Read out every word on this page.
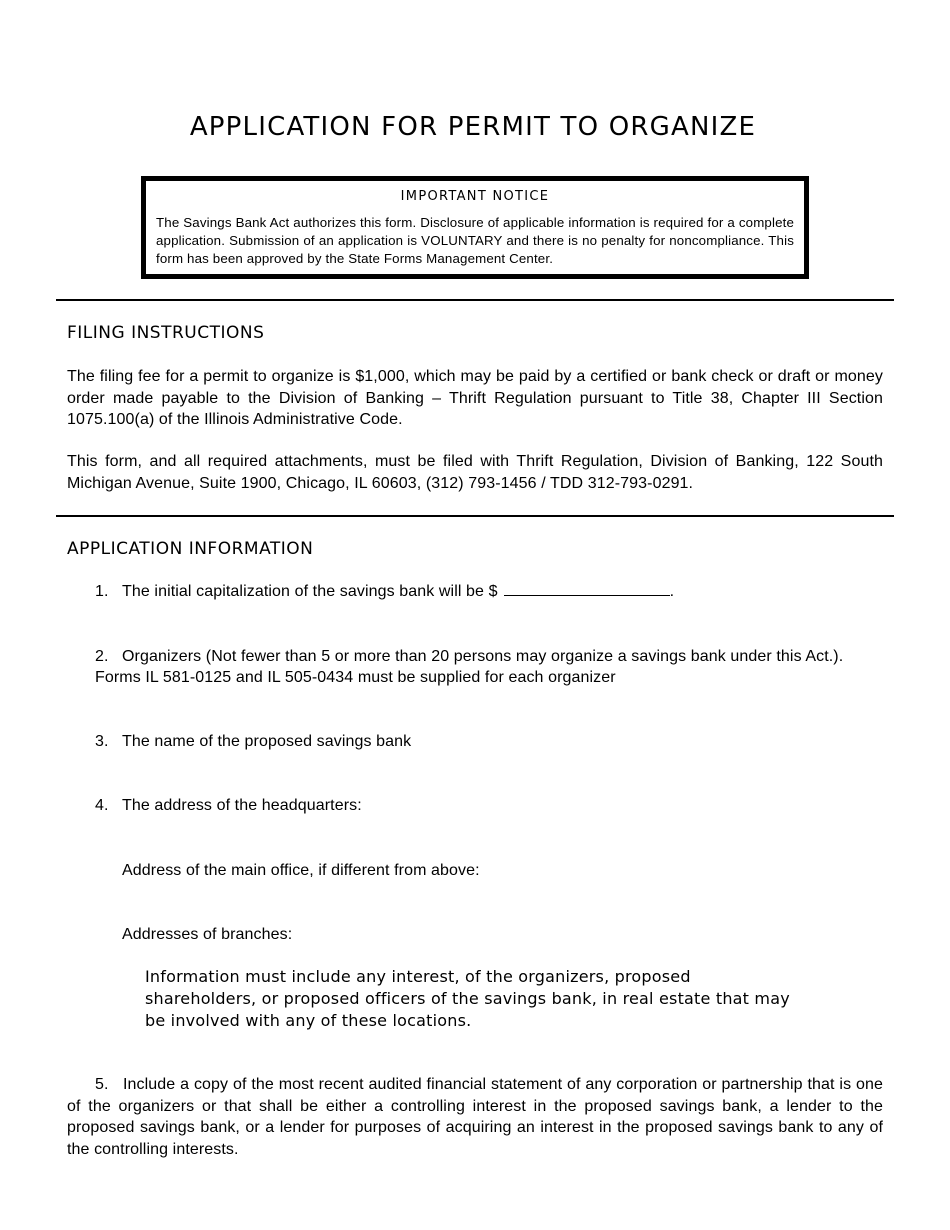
APPLICATION FOR PERMIT TO ORGANIZE
IMPORTANT NOTICE
The Savings Bank Act authorizes this form. Disclosure of applicable information is required for a complete application. Submission of an application is VOLUNTARY and there is no penalty for noncompliance. This form has been approved by the State Forms Management Center.
FILING INSTRUCTIONS
The filing fee for a permit to organize is $1,000, which may be paid by a certified or bank check or draft or money order made payable to the Division of Banking – Thrift Regulation pursuant to Title 38, Chapter III Section 1075.100(a) of the Illinois Administrative Code.
This form, and all required attachments, must be filed with Thrift Regulation, Division of Banking, 122 South Michigan Avenue, Suite 1900, Chicago, IL 60603, (312) 793-1456 / TDD 312-793-0291.
APPLICATION INFORMATION
1. The initial capitalization of the savings bank will be $	.
2. Organizers (Not fewer than 5 or more than 20 persons may organize a savings bank under this Act.).
Forms IL 581-0125 and IL 505-0434 must be supplied for each organizer
3. The name of the proposed savings bank
4. The address of the headquarters:
Address of the main office, if different from above:
Addresses of branches:
Information must include any interest, of the organizers, proposed shareholders, or proposed officers of the savings bank, in real estate that may be involved with any of these locations.
5. Include a copy of the most recent audited financial statement of any corporation or partnership that is one of the organizers or that shall be either a controlling interest in the proposed savings bank, a lender to the proposed savings bank, or a lender for purposes of acquiring an interest in the proposed savings bank to any of the controlling interests.
